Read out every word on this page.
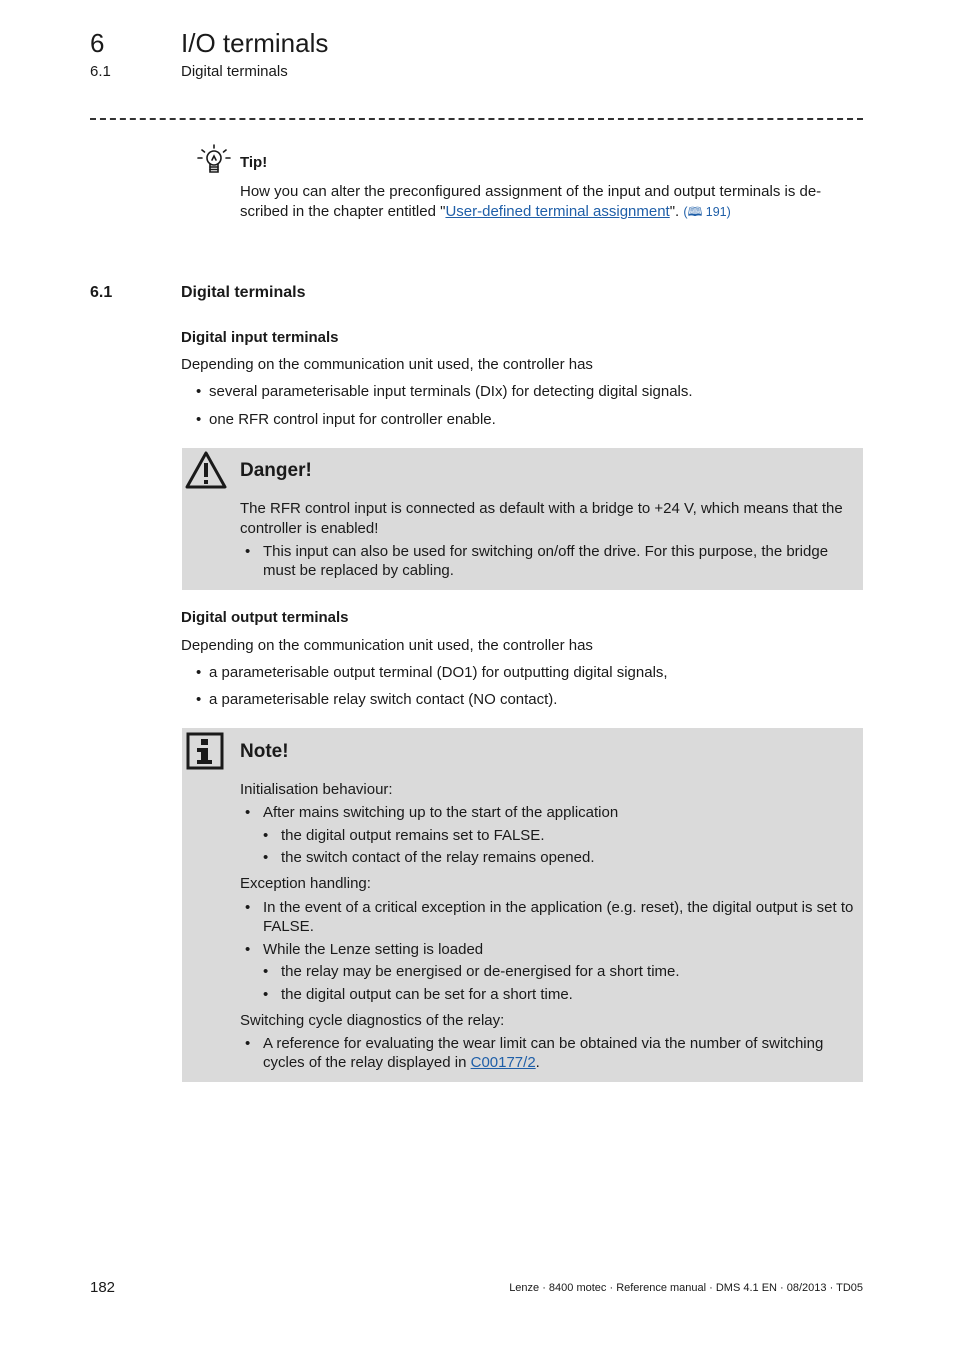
6	I/O terminals
6.1	Digital terminals
Tip!
How you can alter the preconfigured assignment of the input and output terminals is de-scribed in the chapter entitled "User-defined terminal assignment". (🕮 191)
6.1	Digital terminals
Digital input terminals
Depending on the communication unit used, the controller has
• several parameterisable input terminals (DIx) for detecting digital signals.
• one RFR control input for controller enable.
Danger!
The RFR control input is connected as default with a bridge to +24 V, which means that the controller is enabled!
• This input can also be used for switching on/off the drive. For this purpose, the bridge must be replaced by cabling.
Digital output terminals
Depending on the communication unit used, the controller has
• a parameterisable output terminal (DO1) for outputting digital signals,
• a parameterisable relay switch contact (NO contact).
Note!
Initialisation behaviour:
• After mains switching up to the start of the application
• the digital output remains set to FALSE.
• the switch contact of the relay remains opened.
Exception handling:
• In the event of a critical exception in the application (e.g. reset), the digital output is set to FALSE.
• While the Lenze setting is loaded
• the relay may be energised or de-energised for a short time.
• the digital output can be set for a short time.
Switching cycle diagnostics of the relay:
• A reference for evaluating the wear limit can be obtained via the number of switching cycles of the relay displayed in C00177/2.
182	Lenze · 8400 motec · Reference manual · DMS 4.1 EN · 08/2013 · TD05
